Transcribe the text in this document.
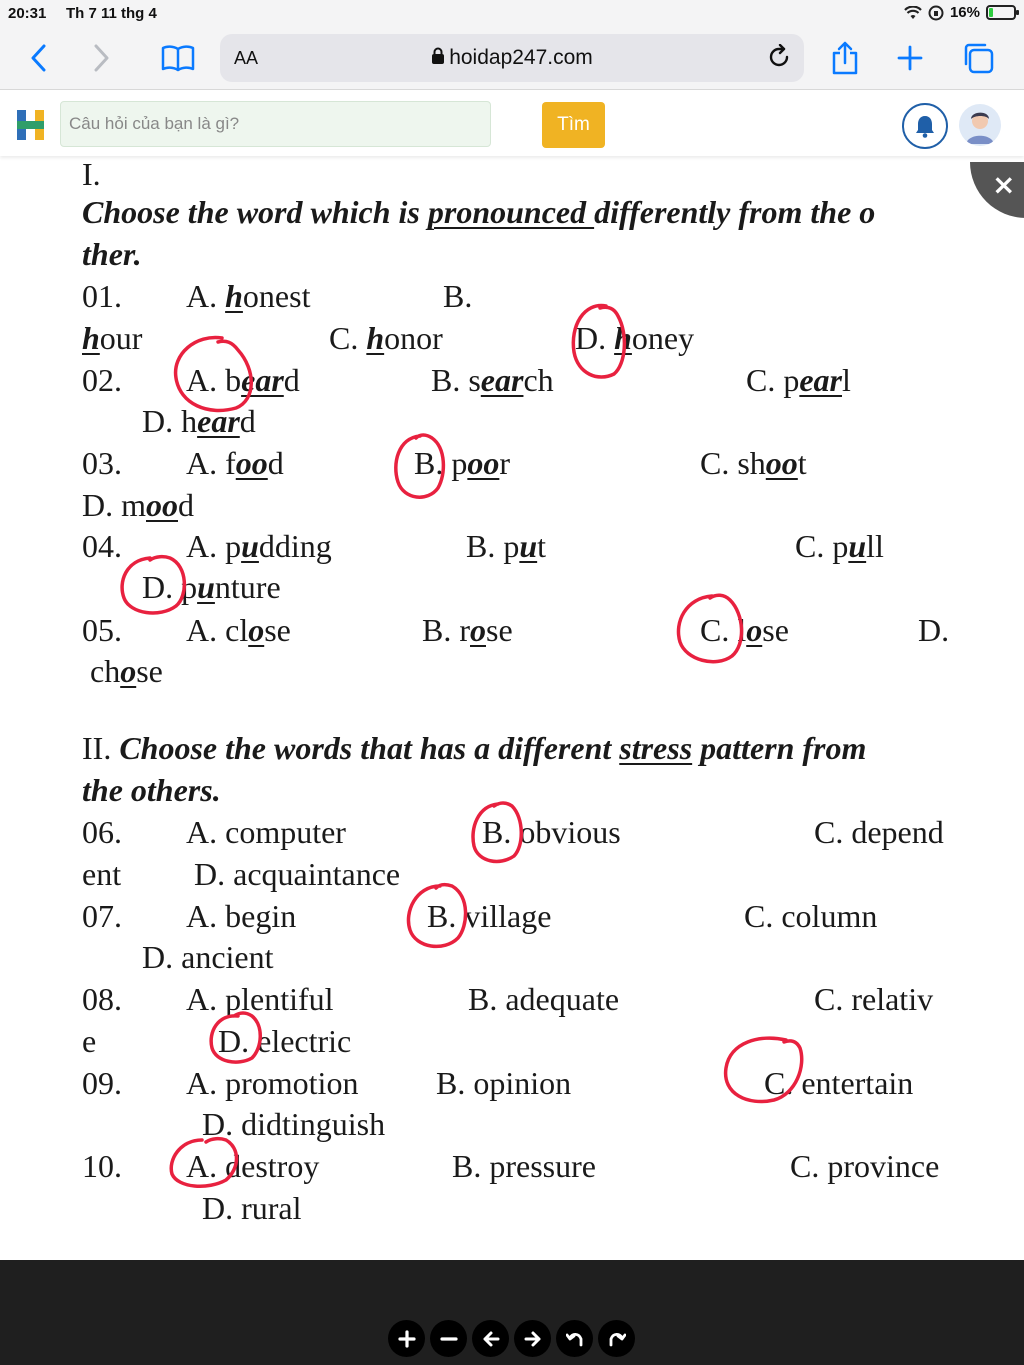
20:31 Th 7 11 thg 4	16%
AA	hoidap247.com
Câu hỏi của bạn là gì?	Tìm
×
I.
Choose the word which is pronounced differently from the o
ther.
01. A. honest	B.
hour	C. honor	D. honey
02. A. beard	B. search	C. pearl
D. heard
03. A. food	B. poor	C. shoot
D. mood
04. A. pudding	B. put	C. pull
D. punture
05. A. close	B. rose	C. lose	D.
chose
II. Choose the words that has a different stress pattern from
the others.
06. A. computer	B. obvious	C. depend
ent D. acquaintance
07. A. begin	B. village	C. column
D. ancient
08. A. plentiful	B. adequate	C. relativ
e	D. electric
09. A. promotion B. opinion	C. entertain
D. didtinguish
10. A. destroy	B. pressure	C. province
D. rural
